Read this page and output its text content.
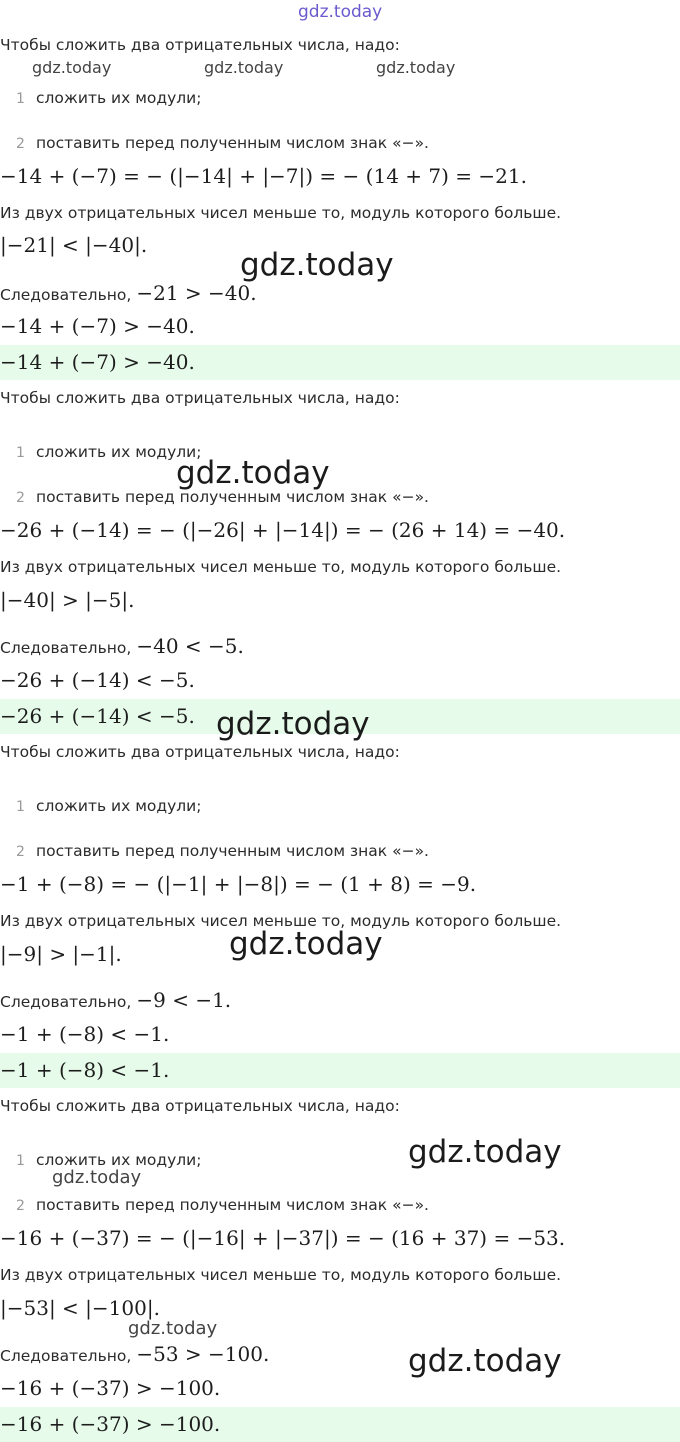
gdz.today
Чтобы сложить два отрицательных числа, надо:
1 сложить их модули;
2 поставить перед полученным числом знак «−».
−14 + (−7) = − (|−14| + |−7|) = − (14 + 7) = −21.
Из двух отрицательных чисел меньше то, модуль которого больше.
|−21| < |−40|.
Следовательно, −21 > −40.
−14 + (−7) > −40.
−14 + (−7) > −40.
Чтобы сложить два отрицательных числа, надо:
1 сложить их модули;
2 поставить перед полученным числом знак «−».
−26 + (−14) = − (|−26| + |−14|) = − (26 + 14) = −40.
Из двух отрицательных чисел меньше то, модуль которого больше.
|−40| > |−5|.
Следовательно, −40 < −5.
−26 + (−14) < −5.
−26 + (−14) < −5.
Чтобы сложить два отрицательных числа, надо:
1 сложить их модули;
2 поставить перед полученным числом знак «−».
−1 + (−8) = − (|−1| + |−8|) = − (1 + 8) = −9.
Из двух отрицательных чисел меньше то, модуль которого больше.
|−9| > |−1|.
Следовательно, −9 < −1.
−1 + (−8) < −1.
−1 + (−8) < −1.
Чтобы сложить два отрицательных числа, надо:
1 сложить их модули;
2 поставить перед полученным числом знак «−».
−16 + (−37) = − (|−16| + |−37|) = − (16 + 37) = −53.
Из двух отрицательных чисел меньше то, модуль которого больше.
|−53| < |−100|.
Следовательно, −53 > −100.
−16 + (−37) > −100.
−16 + (−37) > −100.
gdz.today	gdz.today	gdz.today
gdz.today
gdz.today
gdz.today
gdz.today
gdz.today
gdz.today
gdz.today
gdz.today
